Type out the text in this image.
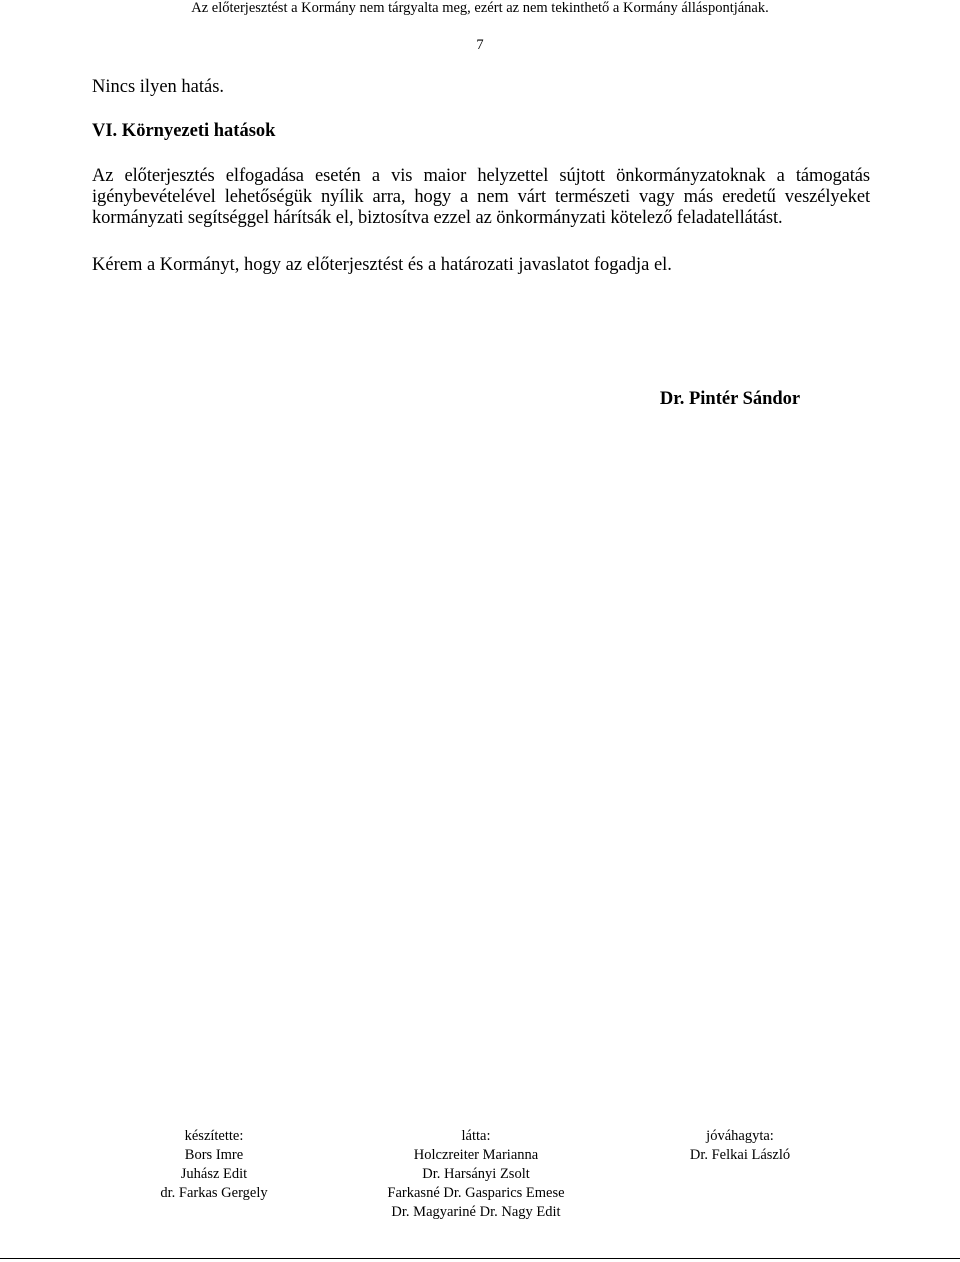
Az előterjesztést a Kormány nem tárgyalta meg, ezért az nem tekinthető a Kormány álláspontjának.
7
Nincs ilyen hatás.
VI. Környezeti hatások
Az előterjesztés elfogadása esetén a vis maior helyzettel sújtott önkormányzatoknak a támogatás igénybevételével lehetőségük nyílik arra, hogy a nem várt természeti vagy más eredetű veszélyeket kormányzati segítséggel hárítsák el, biztosítva ezzel az önkormányzati kötelező feladatellátást.
Kérem a Kormányt, hogy az előterjesztést és a határozati javaslatot fogadja el.
Dr. Pintér Sándor
készítette:
Bors Imre
Juhász Edit
dr. Farkas Gergely
látta:
Holczreiter Marianna
Dr. Harsányi Zsolt
Farkasné Dr. Gasparics Emese
Dr. Magyariné Dr. Nagy Edit
jóváhagyta:
Dr. Felkai László
